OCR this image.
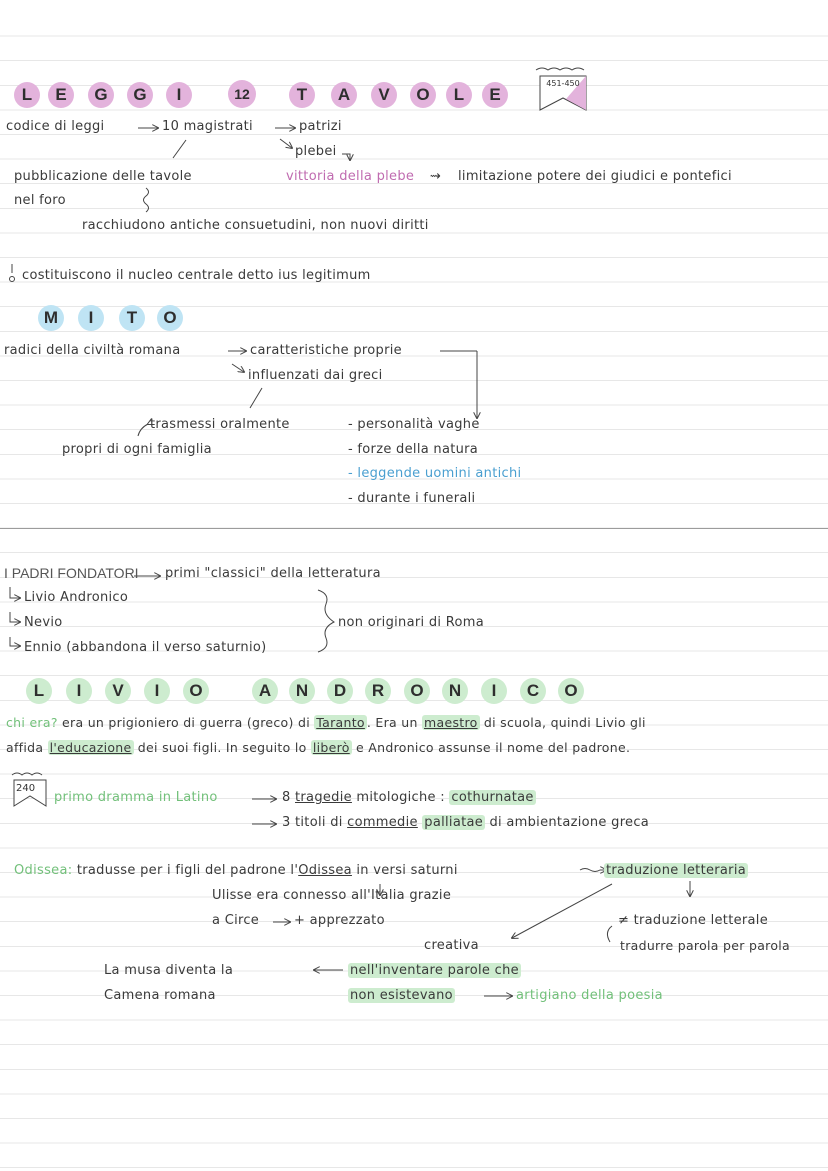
L	E	G	G	I	12	T	A	V	O	L	E
451-450
codice di leggi	10 magistrati	patrizi
plebei
pubblicazione delle tavole
nel foro
vittoria della plebe ⇝ limitazione potere dei giudici e pontefici
racchiudono antiche consuetudini, non nuovi diritti
costituiscono il nucleo centrale detto ius legitimum
M	I	T	O
radici della civiltà romana	caratteristiche proprie
influenzati dai greci
trasmessi oralmente
propri di ogni famiglia
- personalità vaghe
- forze della natura
- leggende uomini antichi
- durante i funerali
I PADRI FONDATORI primi "classici" della letteratura
Livio Andronico
Nevio
Ennio (abbandona il verso saturnio)
non originari di Roma
L	I	V	I	O	A	N	D	R	O	N	I	C	O
chi era? era un prigioniero di guerra (greco) di Taranto . Era un maestro di scuola, quindi Livio gli
affida l'educazione dei suoi figli. In seguito lo liberò e Andronico assunse il nome del padrone.
240
primo dramma in Latino	8 tragedie mitologiche : cothurnatae
3 titoli di commedie palliatae di ambientazione greca
Odissea: tradusse per i figli del padrone l'Odissea in versi saturni	traduzione letteraria
Ulisse era connesso all'Italia grazie
a Circe	+ apprezzato	≠ traduzione letterale
creativa	tradurre parola per parola
La musa diventa la	nell'inventare parole che
Camena romana	non esistevano	artigiano della poesia
